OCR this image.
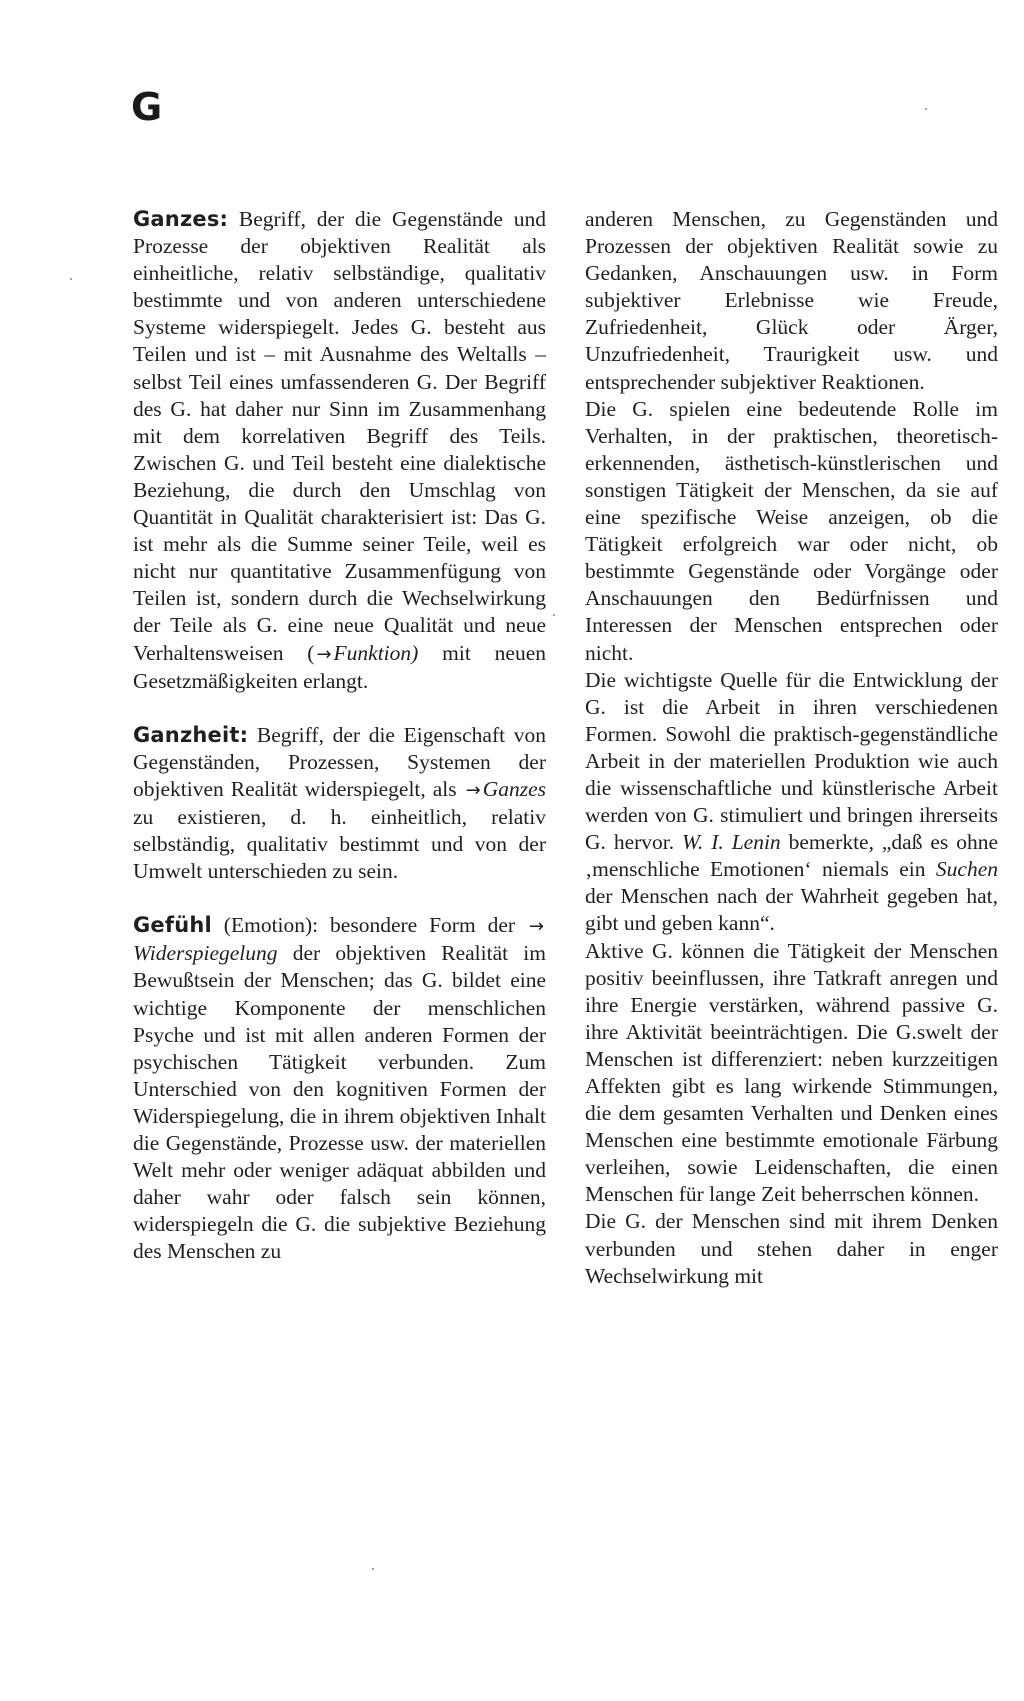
G

Ganzes: Begriff, der die Gegenstände und Prozesse der objektiven Realität als einheitliche, relativ selbständige, qualitativ bestimmte und von anderen unterschiedene Systeme widerspiegelt. Jedes G. besteht aus Teilen und ist – mit Ausnahme des Weltalls – selbst Teil eines umfassenderen G. Der Begriff des G. hat daher nur Sinn im Zusammenhang mit dem korrelativen Begriff des Teils. Zwischen G. und Teil besteht eine dialektische Beziehung, die durch den Umschlag von Quantität in Qualität charakterisiert ist: Das G. ist mehr als die Summe seiner Teile, weil es nicht nur quantitative Zusammenfügung von Teilen ist, sondern durch die Wechselwirkung der Teile als G. eine neue Qualität und neue Verhaltensweisen ( →Funktion) mit neuen Gesetzmäßigkeiten erlangt.

Ganzheit: Begriff, der die Eigenschaft von Gegenständen, Prozessen, Systemen der objektiven Realität widerspiegelt, als →Ganzes zu existieren, d. h. einheitlich, relativ selbständig, qualitativ bestimmt und von der Umwelt unterschieden zu sein.

Gefühl (Emotion): besondere Form der →Widerspiegelung der objektiven Realität im Bewußtsein der Menschen; das G. bildet eine wichtige Komponente der menschlichen Psyche und ist mit allen anderen Formen der psychischen Tätigkeit verbunden. Zum Unterschied von den kognitiven Formen der Widerspiegelung, die in ihrem objektiven Inhalt die Gegenstände, Prozesse usw. der materiellen Welt mehr oder weniger adäquat abbilden und daher wahr oder falsch sein können, widerspiegeln die G. die subjektive Beziehung des Menschen zu

anderen Menschen, zu Gegenständen und Prozessen der objektiven Realität sowie zu Gedanken, Anschauungen usw. in Form subjektiver Erlebnisse wie Freude, Zufriedenheit, Glück oder Ärger, Unzufriedenheit, Traurigkeit usw. und entsprechender subjektiver Reaktionen.

Die G. spielen eine bedeutende Rolle im Verhalten, in der praktischen, theoretisch-erkennenden, ästhetisch-künstlerischen und sonstigen Tätigkeit der Menschen, da sie auf eine spezifische Weise anzeigen, ob die Tätigkeit erfolgreich war oder nicht, ob bestimmte Gegenstände oder Vorgänge oder Anschauungen den Bedürfnissen und Interessen der Menschen entsprechen oder nicht.

Die wichtigste Quelle für die Entwicklung der G. ist die Arbeit in ihren verschiedenen Formen. Sowohl die praktisch-gegenständliche Arbeit in der materiellen Produktion wie auch die wissenschaftliche und künstlerische Arbeit werden von G. stimuliert und bringen ihrerseits G. hervor. W. I. Lenin bemerkte, „daß es ohne ‚menschliche Emotionen‘ niemals ein Suchen der Menschen nach der Wahrheit gegeben hat, gibt und geben kann“.

Aktive G. können die Tätigkeit der Menschen positiv beeinflussen, ihre Tatkraft anregen und ihre Energie verstärken, während passive G. ihre Aktivität beeinträchtigen. Die G.swelt der Menschen ist differenziert: neben kurzzeitigen Affekten gibt es lang wirkende Stimmungen, die dem gesamten Verhalten und Denken eines Menschen eine bestimmte emotionale Färbung verleihen, sowie Leidenschaften, die einen Menschen für lange Zeit beherrschen können.

Die G. der Menschen sind mit ihrem Denken verbunden und stehen daher in enger Wechselwirkung mit
